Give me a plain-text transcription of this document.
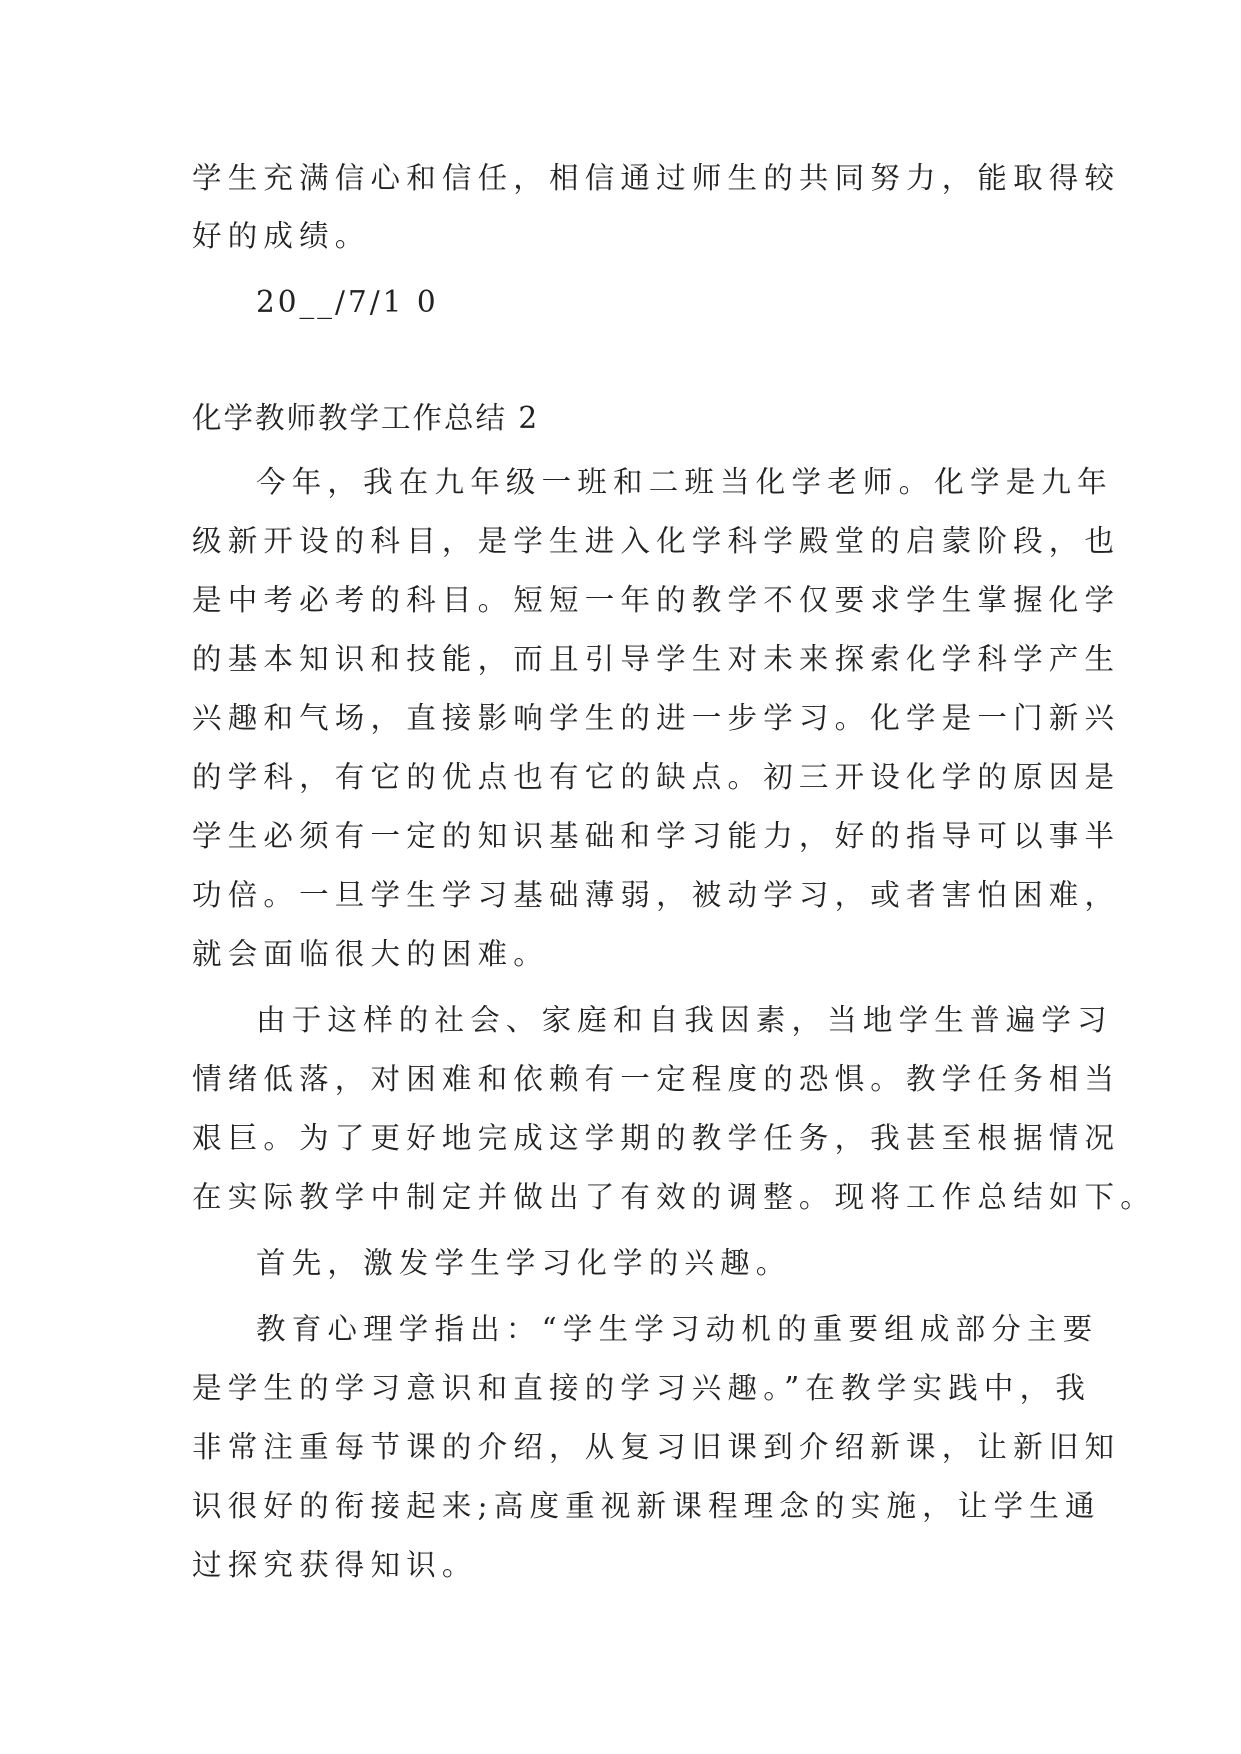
学生充满信心和信任，相信通过师生的共同努力，能取得较
好的成绩。
20__/7/1 0
化学教师教学工作总结 2
今年，我在九年级一班和二班当化学老师。化学是九年
级新开设的科目，是学生进入化学科学殿堂的启蒙阶段，也
是中考必考的科目。短短一年的教学不仅要求学生掌握化学
的基本知识和技能，而且引导学生对未来探索化学科学产生
兴趣和气场，直接影响学生的进一步学习。化学是一门新兴
的学科，有它的优点也有它的缺点。初三开设化学的原因是
学生必须有一定的知识基础和学习能力，好的指导可以事半
功倍。一旦学生学习基础薄弱，被动学习，或者害怕困难，
就会面临很大的困难。
由于这样的社会、家庭和自我因素，当地学生普遍学习
情绪低落，对困难和依赖有一定程度的恐惧。教学任务相当
艰巨。为了更好地完成这学期的教学任务，我甚至根据情况
在实际教学中制定并做出了有效的调整。现将工作总结如下。
首先，激发学生学习化学的兴趣。
教育心理学指出：“学生学习动机的重要组成部分主要
是学生的学习意识和直接的学习兴趣。”在教学实践中，我
非常注重每节课的介绍，从复习旧课到介绍新课，让新旧知
识很好的衔接起来;高度重视新课程理念的实施，让学生通
过探究获得知识。
